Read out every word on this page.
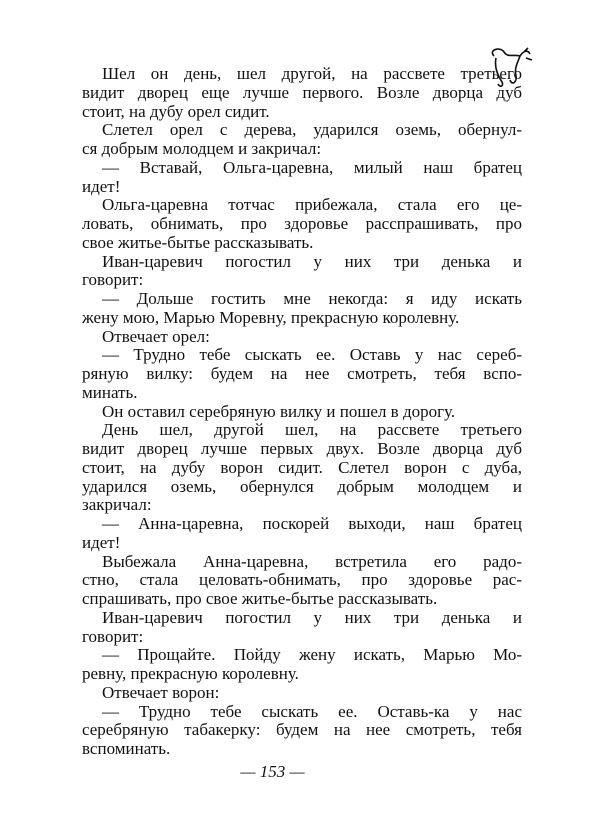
Шел он день, шел другой, на рассвете третьего
видит дворец еще лучше первого. Возле дворца дуб
стоит, на дубу орел сидит.
Слетел орел с дерева, ударился оземь, обернул-
ся добрым молодцем и закричал:
— Вставай, Ольга-царевна, милый наш братец
идет!
Ольга-царевна тотчас прибежала, стала его це-
ловать, обнимать, про здоровье расспрашивать, про
свое житье-бытье рассказывать.
Иван-царевич погостил у них три денька и
говорит:
— Дольше гостить мне некогда: я иду искать
жену мою, Марью Моревну, прекрасную королевну.
Отвечает орел:
— Трудно тебе сыскать ее. Оставь у нас сереб-
ряную вилку: будем на нее смотреть, тебя вспо-
минать.
Он оставил серебряную вилку и пошел в дорогу.
День шел, другой шел, на рассвете третьего
видит дворец лучше первых двух. Возле дворца дуб
стоит, на дубу ворон сидит. Слетел ворон с дуба,
ударился оземь, обернулся добрым молодцем и
закричал:
— Анна-царевна, поскорей выходи, наш братец
идет!
Выбежала Анна-царевна, встретила его радо-
стно, стала целовать-обнимать, про здоровье рас-
спрашивать, про свое житье-бытье рассказывать.
Иван-царевич погостил у них три денька и
говорит:
— Прощайте. Пойду жену искать, Марью Мо-
ревну, прекрасную королевну.
Отвечает ворон:
— Трудно тебе сыскать ее. Оставь-ка у нас
серебряную табакерку: будем на нее смотреть, тебя
вспоминать.
— 153 —
